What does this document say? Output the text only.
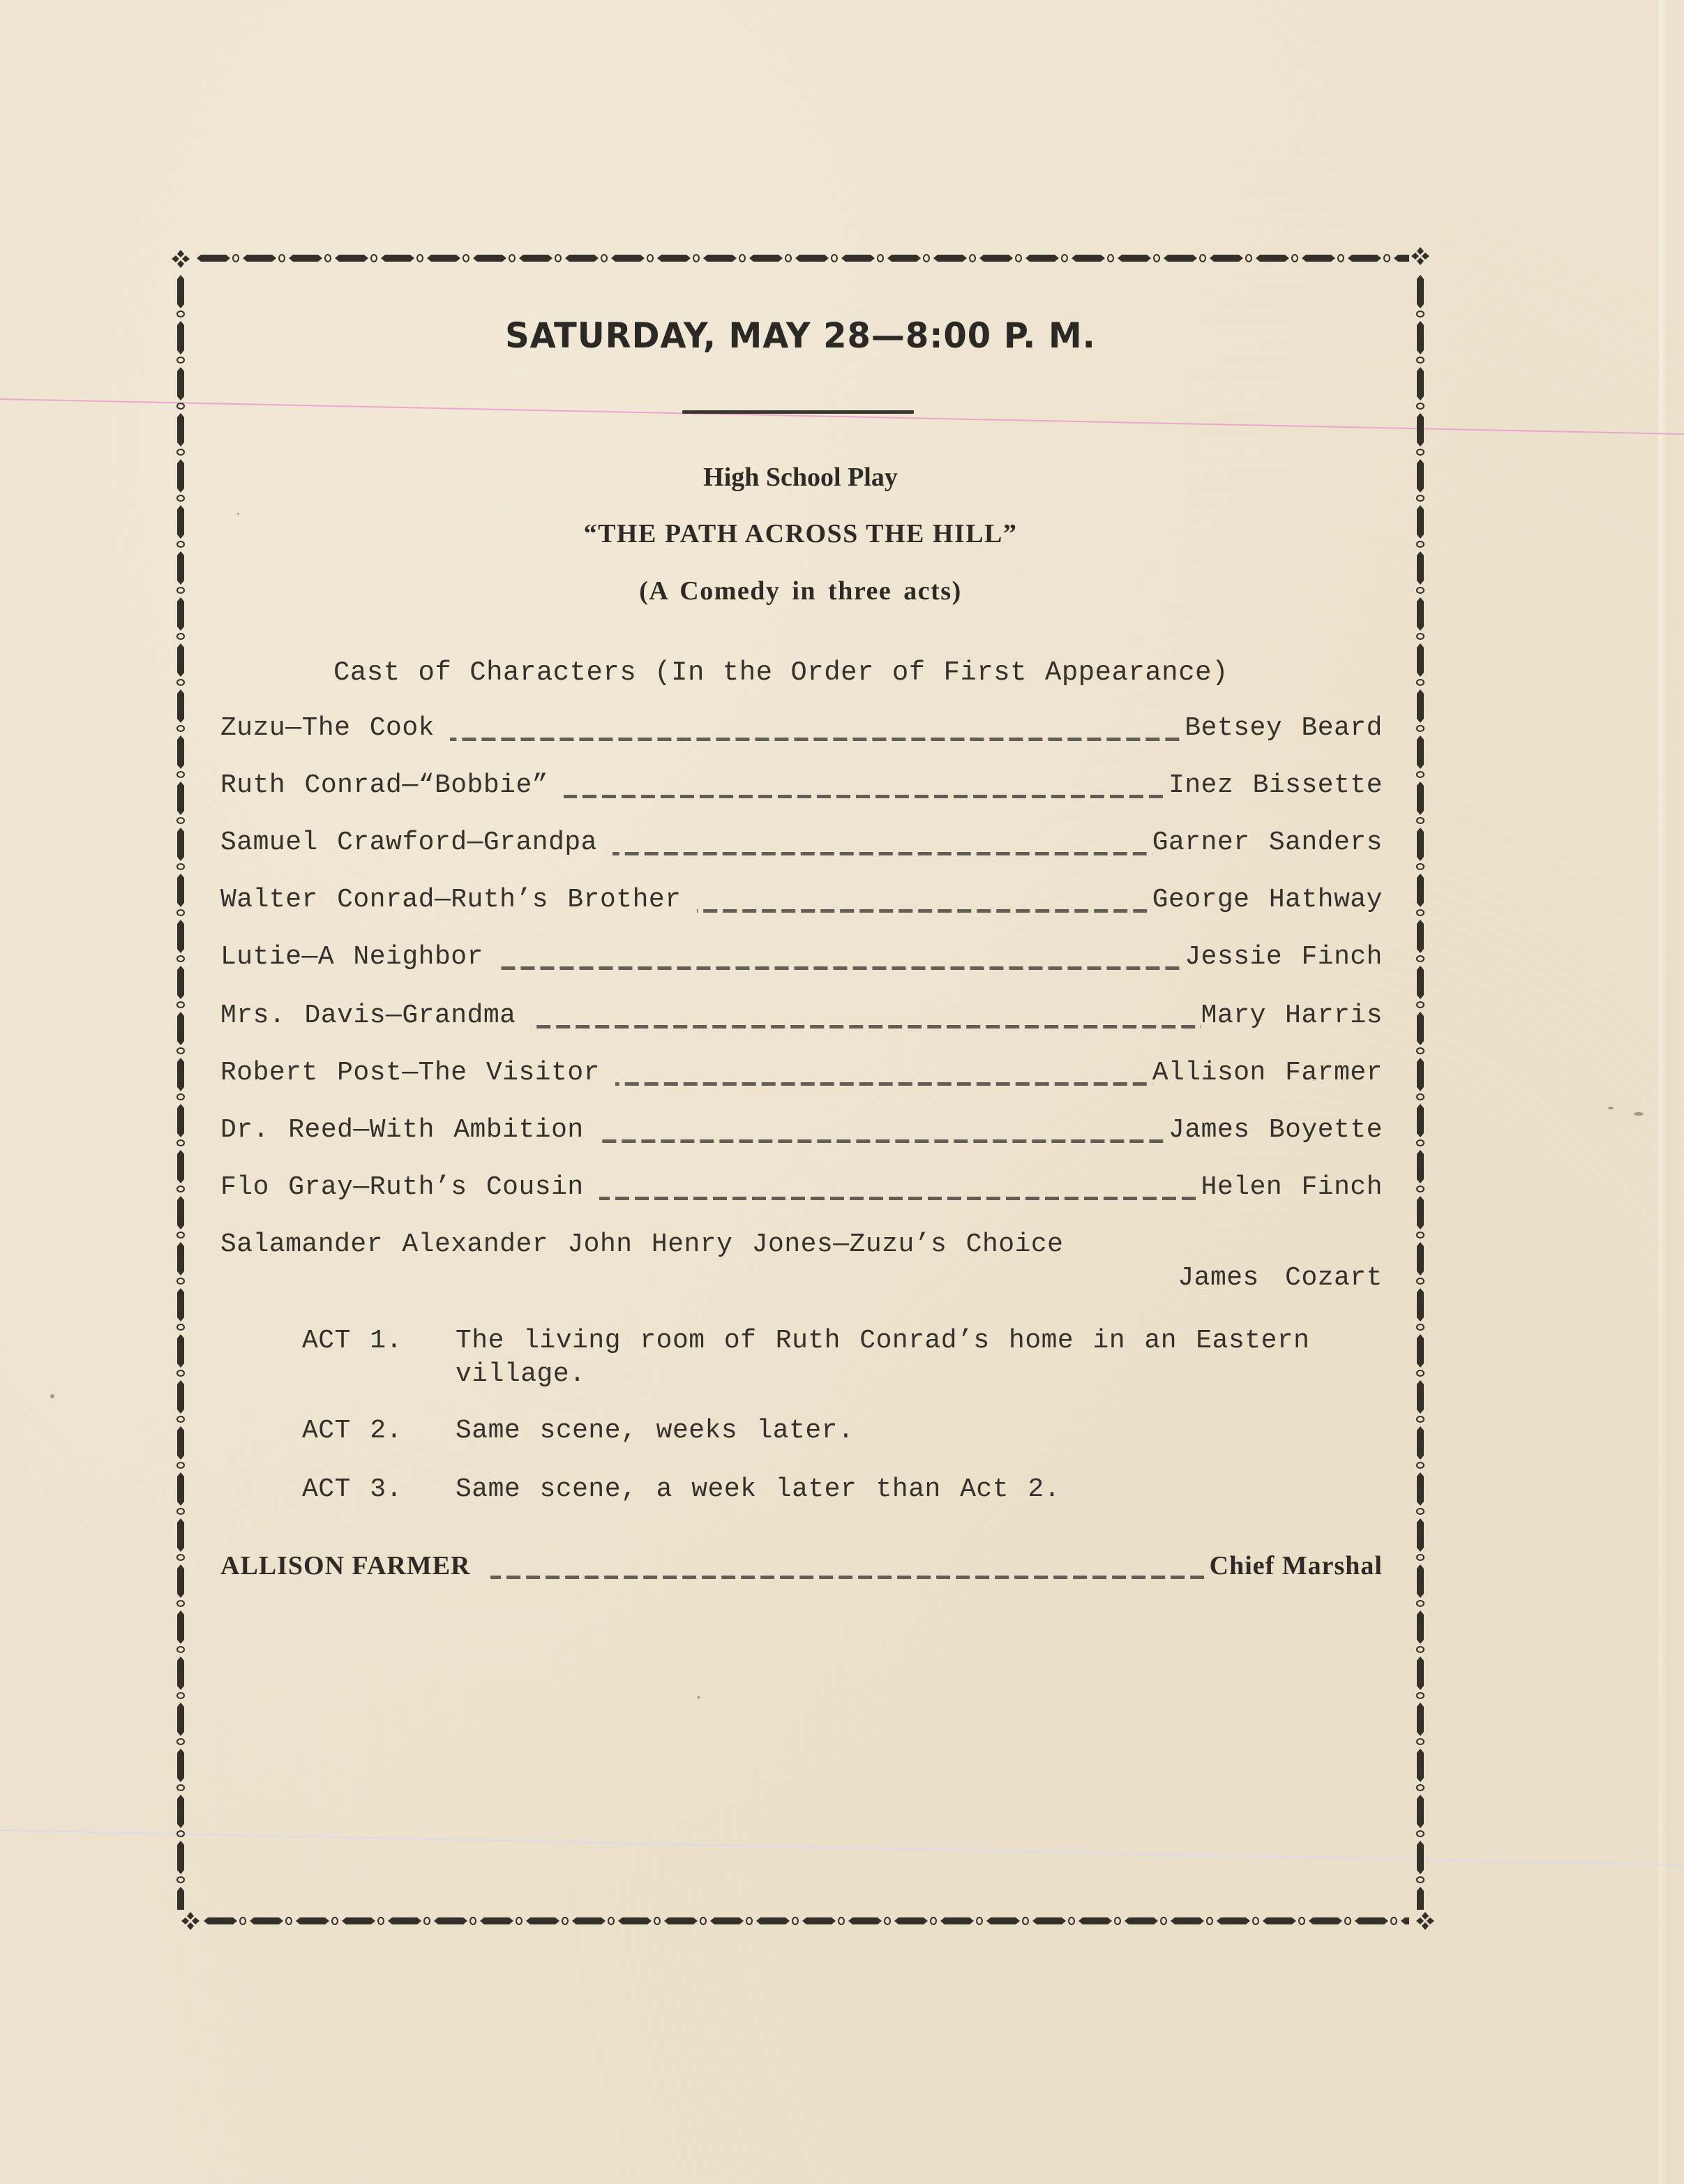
SATURDAY, MAY 28—8:00 P. M.
High School Play
“THE PATH ACROSS THE HILL”
(A Comedy in three acts)
Cast of Characters (In the Order of First Appearance)
Zuzu—The Cook	Betsey Beard
Ruth Conrad—“Bobbie”	Inez Bissette
Samuel Crawford—Grandpa	Garner Sanders
Walter Conrad—Ruth’s Brother	George Hathway
Lutie—A Neighbor	Jessie Finch
Mrs. Davis—Grandma	Mary Harris
Robert Post—The Visitor	Allison Farmer
Dr. Reed—With Ambition	James Boyette
Flo Gray—Ruth’s Cousin	Helen Finch
Salamander Alexander John Henry Jones—Zuzu’s Choice
James Cozart
ACT 1. The living room of Ruth Conrad’s home in an Eastern village.
ACT 2. Same scene, weeks later.
ACT 3. Same scene, a week later than Act 2.
ALLISON FARMER	Chief Marshal
